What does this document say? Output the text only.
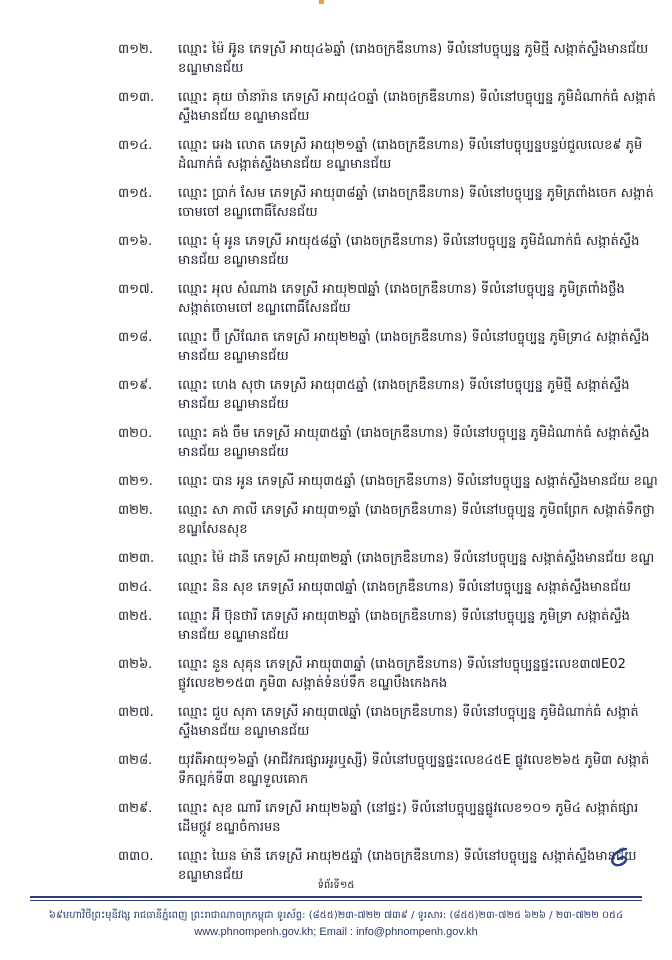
៣១២. ឈ្មោះ ម៉ៃ អ៊ូន ភេទស្រី អាយុ៤៦ឆ្នាំ (រោងចក្រឌឺនហាន) ទីលំនៅបច្ចុប្បន្ន ភូមិថ្មី សង្កាត់ស្ទឹងមានជ័យ ខណ្ឌមានជ័យ
៣១៣. ឈ្មោះ គុយ ចាំនារ៉ាន ភេទស្រី អាយុ៤០ឆ្នាំ (រោងចក្រឌឺនហាន) ទីលំនៅបច្ចុប្បន្ន ភូមិដំណាក់ធំ សង្កាត់ស្ទឹងមានជ័យ ខណ្ឌមានជ័យ
៣១៤. ឈ្មោះ អេង លោត ភេទស្រី អាយុ២១ឆ្នាំ (រោងចក្រឌឺនហាន) ទីលំនៅបច្ចុប្បន្នបន្ទប់ជួលលេខ៩ ភូមិដំណាក់ធំ សង្កាត់ស្ទឹងមានជ័យ ខណ្ឌមានជ័យ
៣១៥. ឈ្មោះ ប្រាក់ សែម ភេទស្រី អាយុ៣៨ឆ្នាំ (រោងចក្រឌឺនហាន) ទីលំនៅបច្ចុប្បន្ន ភូមិត្រពាំងចេក សង្កាត់ចោមចៅ ខណ្ឌពោធិ៍សែនជ័យ
៣១៦. ឈ្មោះ មុំ អូន ភេទស្រី អាយុ៥៨ឆ្នាំ (រោងចក្រឌឺនហាន) ទីលំនៅបច្ចុប្បន្ន ភូមិដំណាក់ធំ សង្កាត់ស្ទឹងមានជ័យ ខណ្ឌមានជ័យ
៣១៧. ឈ្មោះ អុល សំណាង ភេទស្រី អាយុ២៧ឆ្នាំ (រោងចក្រឌឺនហាន) ទីលំនៅបច្ចុប្បន្ន ភូមិត្រពាំងថ្លឹង សង្កាត់ចោមចៅ ខណ្ឌពោធិ៍សែនជ័យ
៣១៨. ឈ្មោះ ប៊ី ស្រីណែត ភេទស្រី អាយុ២២ឆ្នាំ (រោងចក្រឌឺនហាន) ទីលំនៅបច្ចុប្បន្ន ភូមិទ្រា៤ សង្កាត់ស្ទឹងមានជ័យ ខណ្ឌមានជ័យ
៣១៩. ឈ្មោះ ហេង សុថា ភេទស្រី អាយុ៣៥ឆ្នាំ (រោងចក្រឌឺនហាន) ទីលំនៅបច្ចុប្បន្ន ភូមិថ្មី សង្កាត់ស្ទឹងមានជ័យ ខណ្ឌមានជ័យ
៣២០. ឈ្មោះ គង់ ចឹម ភេទស្រី អាយុ៣៥ឆ្នាំ (រោងចក្រឌឺនហាន) ទីលំនៅបច្ចុប្បន្ន ភូមិដំណាក់ធំ សង្កាត់ស្ទឹងមានជ័យ ខណ្ឌមានជ័យ
៣២១. ឈ្មោះ បាន អូន ភេទស្រី អាយុ៣៥ឆ្នាំ (រោងចក្រឌឺនហាន) ទីលំនៅបច្ចុប្បន្ន សង្កាត់ស្ទឹងមានជ័យ ខណ្ឌ
៣២២. ឈ្មោះ សា ភាលី ភេទស្រី អាយុ៣១ឆ្នាំ (រោងចក្រឌឺនហាន) ទីលំនៅបច្ចុប្បន្ន ភូមិពព្រែក សង្កាត់ទឹកថ្លា ខណ្ឌសែនសុខ
៣២៣. ឈ្មោះ ម៉ៃ ដានី ភេទស្រី អាយុ៣២ឆ្នាំ (រោងចក្រឌឺនហាន) ទីលំនៅបច្ចុប្បន្ន សង្កាត់ស្ទឹងមានជ័យ ខណ្ឌ
៣២៤. ឈ្មោះ និន សុខ ភេទស្រី អាយុ៣៧ឆ្នាំ (រោងចក្រឌឺនហាន) ទីលំនៅបច្ចុប្បន្ន សង្កាត់ស្ទឹងមានជ័យ
៣២៥. ឈ្មោះ អ៊ី ប៊ុនថារី ភេទស្រី អាយុ៣២ឆ្នាំ (រោងចក្រឌឺនហាន) ទីលំនៅបច្ចុប្បន្ន ភូមិទ្រា សង្កាត់ស្ទឹងមានជ័យ ខណ្ឌមានជ័យ
៣២៦. ឈ្មោះ នួន សុគុន ភេទស្រី អាយុ៣៣ឆ្នាំ (រោងចក្រឌឺនហាន) ទីលំនៅបច្ចុប្បន្នផ្ទះលេខ៣៧E02 ផ្លូវលេខ២១៥៣ ភូមិ៣ សង្កាត់ទំនប់ទឹក ខណ្ឌបឹងកេងកង
៣២៧. ឈ្មោះ ជួប សុភា ភេទស្រី អាយុ៣៧ឆ្នាំ (រោងចក្រឌឺនហាន) ទីលំនៅបច្ចុប្បន្ន ភូមិដំណាក់ធំ សង្កាត់ស្ទឹងមានជ័យ ខណ្ឌមានជ័យ
៣២៨. យុវតីអាយុ១៦ឆ្នាំ (អាជីវករផ្សារអូរឬស្សី) ទីលំនៅបច្ចុប្បន្នផ្ទះលេខ៤៥E ផ្លូវលេខ២៦៥ ភូមិ៣ សង្កាត់ទឹកល្អក់ទី៣ ខណ្ឌទួលគោក
៣២៩. ឈ្មោះ សុខ ណារី ភេទស្រី អាយុ២៦ឆ្នាំ (នៅផ្ទះ) ទីលំនៅបច្ចុប្បន្នផ្លូវលេខ១០១ ភូមិ៤ សង្កាត់ផ្សារដើមថ្កូវ ខណ្ឌចំការមន
៣៣០. ឈ្មោះ ឃៃន ម៉ានី ភេទស្រី អាយុ២៥ឆ្នាំ (រោងចក្រឌឺនហាន) ទីលំនៅបច្ចុប្បន្ន សង្កាត់ស្ទឹងមានជ័យ ខណ្ឌមានជ័យ
ទំព័រទី១៥
៦៩មហាវិថីព្រះមុនីវង្ស រាជធានីភ្នំពេញ ព្រះរាជាណាចក្រកម្ពុជា ទូរស័ព្ទ: (៨៥៥)២៣-៧២២ ៧៣៩ / ទូរសារ: (៨៥៥)២៣-៧២៥ ៦២៦ / ២៣-៧២២ ០៥៤
www.phnompenh.gov.kh; Email : info@phnompenh.gov.kh
